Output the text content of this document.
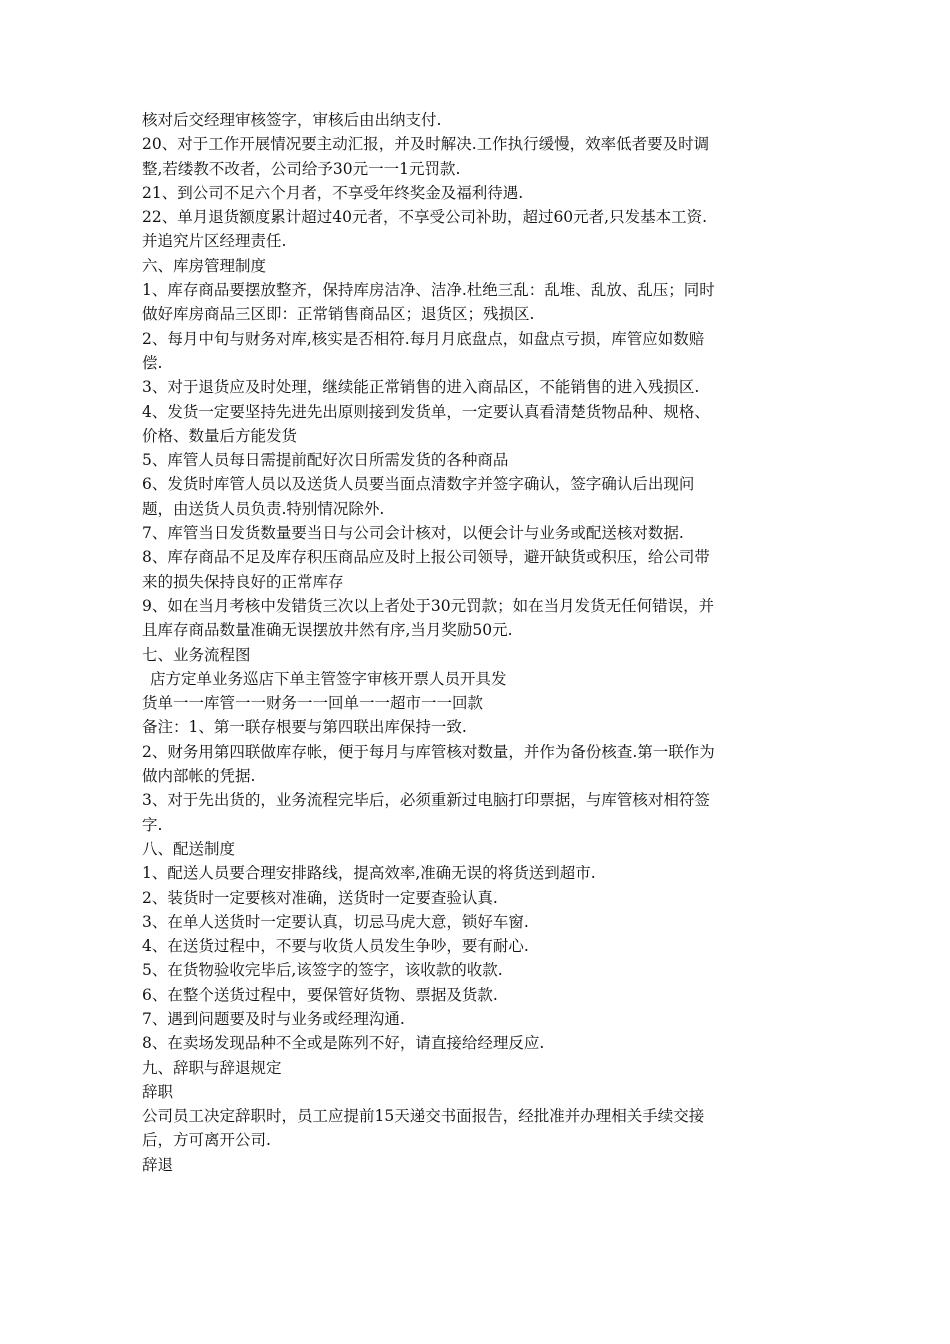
核对后交经理审核签字，审核后由出纳支付.
20、对于工作开展情况要主动汇报，并及时解决.工作执行缓慢，效率低者要及时调
整,若缕教不改者，公司给予30元一一1元罚款.
21、到公司不足六个月者，不享受年终奖金及福利待遇.
22、单月退货额度累计超过40元者，不享受公司补助，超过60元者,只发基本工资.
并追究片区经理责任.
六、库房管理制度
1、库存商品要摆放整齐，保持库房洁净、洁净.杜绝三乱：乱堆、乱放、乱压；同时
做好库房商品三区即：正常销售商品区；退货区；残损区.
2、每月中旬与财务对库,核实是否相符.每月月底盘点，如盘点亏损，库管应如数赔
偿.
3、对于退货应及时处理，继续能正常销售的进入商品区，不能销售的进入残损区.
4、发货一定要坚持先进先出原则接到发货单，一定要认真看清楚货物品种、规格、
价格、数量后方能发货
5、库管人员每日需提前配好次日所需发货的各种商品
6、发货时库管人员以及送货人员要当面点清数字并签字确认，签字确认后出现问
题，由送货人员负责.特别情况除外.
7、库管当日发货数量要当日与公司会计核对，以便会计与业务或配送核对数据.
8、库存商品不足及库存积压商品应及时上报公司领导，避开缺货或积压，给公司带
来的损失保持良好的正常库存
9、如在当月考核中发错货三次以上者处于30元罚款；如在当月发货无任何错误，并
且库存商品数量准确无误摆放井然有序,当月奖励50元.
七、业务流程图
店方定单业务巡店下单主管签字审核开票人员开具发
货单一一库管一一财务一一回单一一超市一一回款
备注：1、第一联存根要与第四联出库保持一致.
2、财务用第四联做库存帐，便于每月与库管核对数量，并作为备份核查.第一联作为
做内部帐的凭据.
3、对于先出货的，业务流程完毕后，必须重新过电脑打印票据，与库管核对相符签
字.
八、配送制度
1、配送人员要合理安排路线，提高效率,准确无误的将货送到超市.
2、装货时一定要核对准确，送货时一定要查验认真.
3、在单人送货时一定要认真，切忌马虎大意，锁好车窗.
4、在送货过程中，不要与收货人员发生争吵，要有耐心.
5、在货物验收完毕后,该签字的签字，该收款的收款.
6、在整个送货过程中，要保管好货物、票据及货款.
7、遇到问题要及时与业务或经理沟通.
8、在卖场发现品种不全或是陈列不好，请直接给经理反应.
九、辞职与辞退规定
辞职
公司员工决定辞职时，员工应提前15天递交书面报告，经批准并办理相关手续交接
后，方可离开公司.
辞退
